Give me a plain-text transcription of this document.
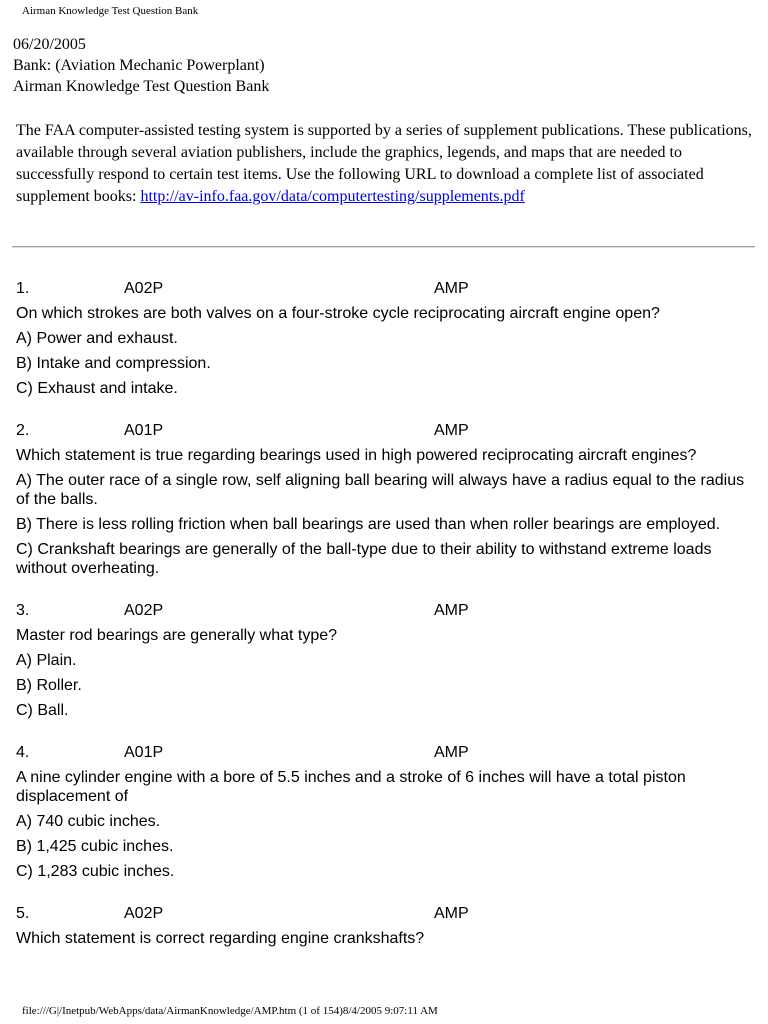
Airman Knowledge Test Question Bank
06/20/2005
Bank: (Aviation Mechanic Powerplant)
Airman Knowledge Test Question Bank
The FAA computer-assisted testing system is supported by a series of supplement publications. These publications, available through several aviation publishers, include the graphics, legends, and maps that are needed to successfully respond to certain test items. Use the following URL to download a complete list of associated supplement books: http://av-info.faa.gov/data/computertesting/supplements.pdf
1.	A02P	AMP
On which strokes are both valves on a four-stroke cycle reciprocating aircraft engine open?
A) Power and exhaust.
B) Intake and compression.
C) Exhaust and intake.
2.	A01P	AMP
Which statement is true regarding bearings used in high powered reciprocating aircraft engines?
A) The outer race of a single row, self aligning ball bearing will always have a radius equal to the radius of the balls.
B) There is less rolling friction when ball bearings are used than when roller bearings are employed.
C) Crankshaft bearings are generally of the ball-type due to their ability to withstand extreme loads without overheating.
3.	A02P	AMP
Master rod bearings are generally what type?
A) Plain.
B) Roller.
C) Ball.
4.	A01P	AMP
A nine cylinder engine with a bore of 5.5 inches and a stroke of 6 inches will have a total piston displacement of
A) 740 cubic inches.
B) 1,425 cubic inches.
C) 1,283 cubic inches.
5.	A02P	AMP
Which statement is correct regarding engine crankshafts?
file:///G|/Inetpub/WebApps/data/AirmanKnowledge/AMP.htm (1 of 154)8/4/2005 9:07:11 AM
